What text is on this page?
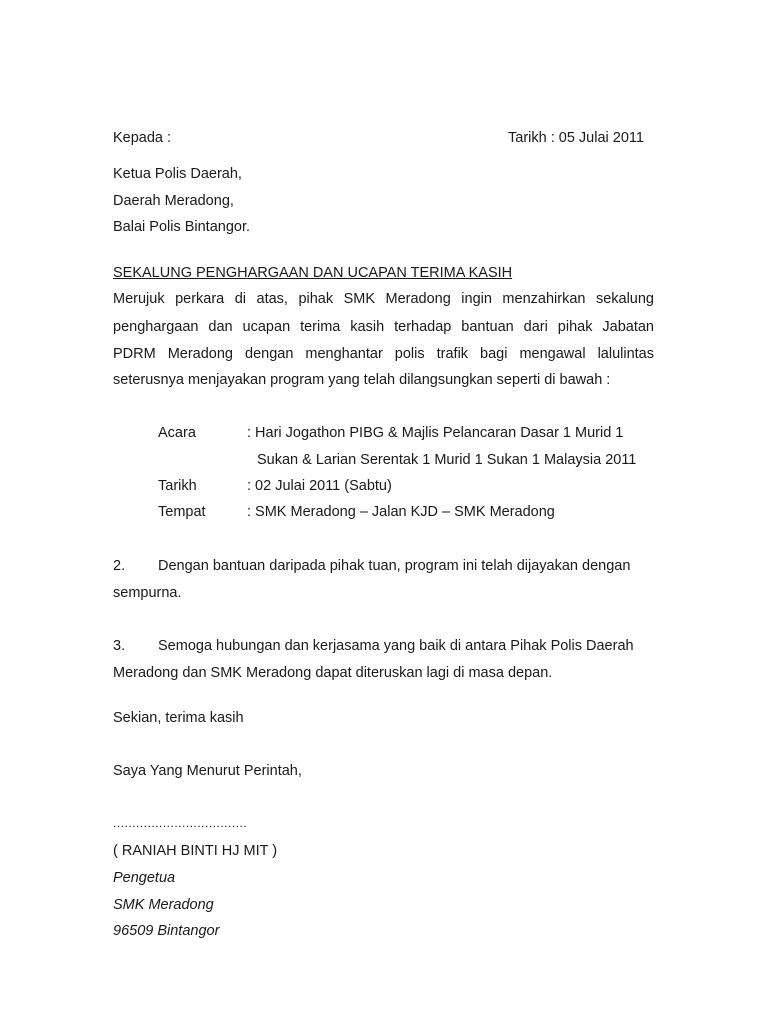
Kepada :	Tarikh : 05 Julai 2011
Ketua Polis Daerah,
Daerah Meradong,
Balai Polis Bintangor.
SEKALUNG PENGHARGAAN DAN UCAPAN TERIMA KASIH
Merujuk perkara di atas, pihak SMK Meradong ingin menzahirkan sekalung
penghargaan dan ucapan terima kasih terhadap bantuan dari pihak Jabatan
PDRM Meradong dengan menghantar polis trafik bagi mengawal lalulintas
seterusnya menjayakan program yang telah dilangsungkan seperti di bawah :
Acara	: Hari Jogathon PIBG & Majlis Pelancaran Dasar 1 Murid 1
Sukan & Larian Serentak 1 Murid 1 Sukan 1 Malaysia 2011
Tarikh	: 02 Julai 2011 (Sabtu)
Tempat	: SMK Meradong – Jalan KJD – SMK Meradong
2. Dengan bantuan daripada pihak tuan, program ini telah dijayakan dengan
sempurna.
3. Semoga hubungan dan kerjasama yang baik di antara Pihak Polis Daerah
Meradong dan SMK Meradong dapat diteruskan lagi di masa depan.
Sekian, terima kasih
Saya Yang Menurut Perintah,
...................................
( RANIAH BINTI HJ MIT )
Pengetua
SMK Meradong
96509 Bintangor
